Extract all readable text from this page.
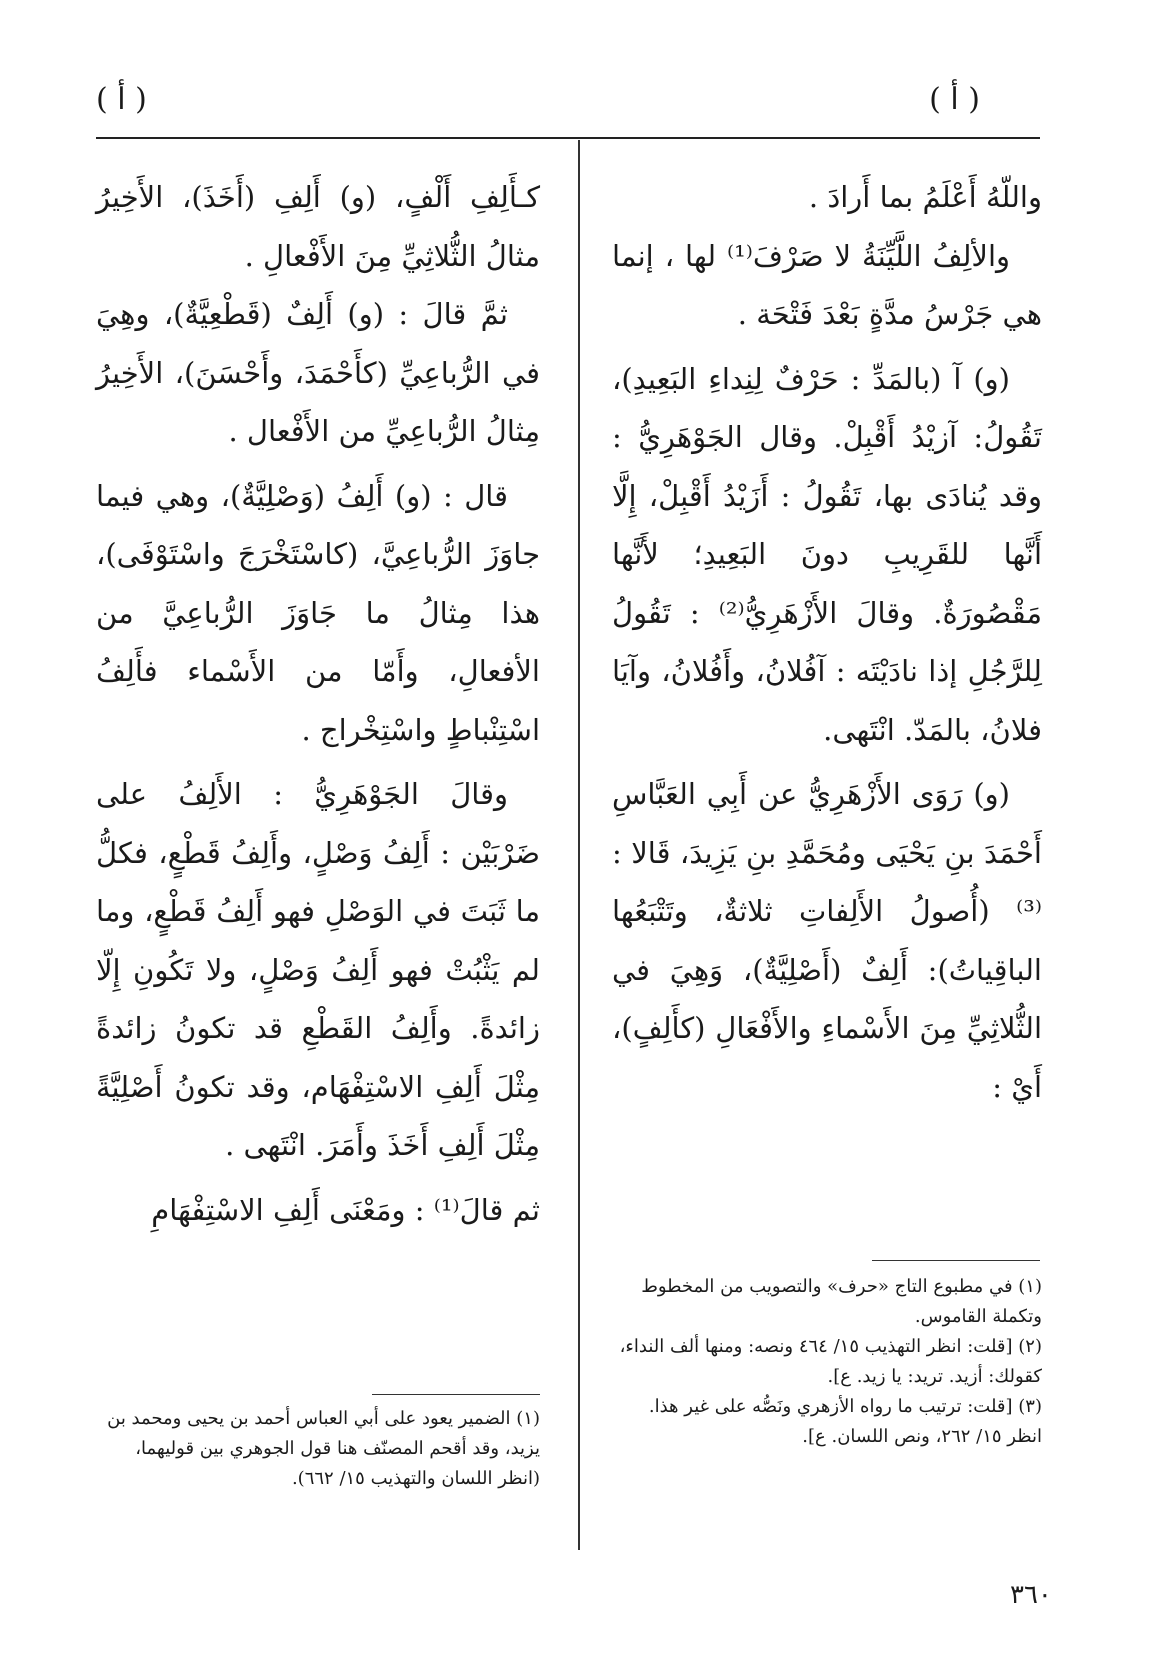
( أ )
( أ )

واللّهُ أَعْلَمُ بما أَرادَ .

والألِفُ اللَّيِّنَةُ لا صَرْفَ⁽¹⁾ لها ، إنما هي جَرْسُ مدَّةٍ بَعْدَ فَتْحَة .

(و) آ (بالمَدِّ : حَرْفٌ لِنِداءِ البَعِيدِ)، تَقُولُ: آزيْدُ أَقْبِلْ. وقال الجَوْهَرِيُّ : وقد يُنادَى بها، تَقُولُ : أَزَيْدُ أَقْبِلْ، إِلَّا أَنَّها للقَرِيبِ دونَ البَعِيدِ؛ لأَنَّها مَقْصُورَةٌ. وقالَ الأَزْهَرِيُّ⁽²⁾ : تَقُولُ لِلرَّجُلِ إذا نادَيْتَه : آفُلانُ، وأَفُلانُ، وآيَا فلانُ، بالمَدّ. انْتَهى.

(و) رَوَى الأَزْهَرِيُّ عن أَبِي العَبَّاسِ أَحْمَدَ بنِ يَحْيَى ومُحَمَّدِ بنِ يَزِيدَ، قَالا :⁽³⁾ (أُصولُ الأَلِفاتِ ثلاثةٌ، وتَتْبَعُها الباقِياتُ): أَلِفٌ (أَصْلِيَّةٌ)، وَهِيَ في الثُّلاثِيِّ مِنَ الأَسْماءِ والأَفْعَالِ (كأَلِفٍ)، أَيْ :

كـأَلِفِ أَلْفٍ، (و) أَلِفِ (أَخَذَ)، الأَخِيرُ مثالُ الثُّلاثِيِّ مِنَ الأَفْعالِ .

ثمَّ قالَ : (و) أَلِفٌ (قَطْعِيَّةٌ)، وهِيَ في الرُّباعِيِّ (كأَحْمَدَ، وأَحْسَنَ)، الأَخِيرُ مِثالُ الرُّباعِيِّ من الأَفْعال .

قال : (و) أَلِفُ (وَصْلِيَّةٌ)، وهي فيما جاوَزَ الرُّباعِيَّ، (كاسْتَخْرَجَ واسْتَوْفَى)، هذا مِثالُ ما جَاوَزَ الرُّباعِيَّ من الأفعالِ، وأَمّا من الأَسْماء فأَلِفُ اسْتِنْباطٍ واسْتِخْراج .

وقالَ الجَوْهَرِيُّ : الأَلِفُ على ضَرْبَيْن : أَلِفُ وَصْلٍ، وأَلِفُ قَطْعٍ، فكلُّ ما ثَبَتَ في الوَصْلِ فهو أَلِفُ قَطْعٍ، وما لم يَثْبُتْ فهو أَلِفُ وَصْلٍ، ولا تَكُونِ إِلّا زائدةً. وأَلِفُ القَطْعِ قد تكونُ زائدةً مِثْلَ أَلِفِ الاسْتِفْهَام، وقد تكونُ أَصْلِيَّةً مِثْلَ أَلِفِ أَخَذَ وأَمَرَ. انْتَهى .

ثم قالَ⁽¹⁾ : ومَعْنَى أَلِفِ الاسْتِفْهَامِ

(١) في مطبوع التاج «حرف» والتصويب من المخطوط وتكملة القاموس.

(٢) [قلت: انظر التهذيب ١٥/ ٤٦٤ ونصه: ومنها ألف النداء، كقولك: أزيد. تريد: يا زيد. ع].

(٣) [قلت: ترتيب ما رواه الأزهري ونَصُّه على غير هذا. انظر ١٥/ ٢٦٢، ونص اللسان. ع].

(١) الضمير يعود على أبي العباس أحمد بن يحيى ومحمد بن يزيد، وقد أقحم المصنّف هنا قول الجوهري بين قوليهما، (انظر اللسان والتهذيب ١٥/ ٦٦٢).

٣٦٠
